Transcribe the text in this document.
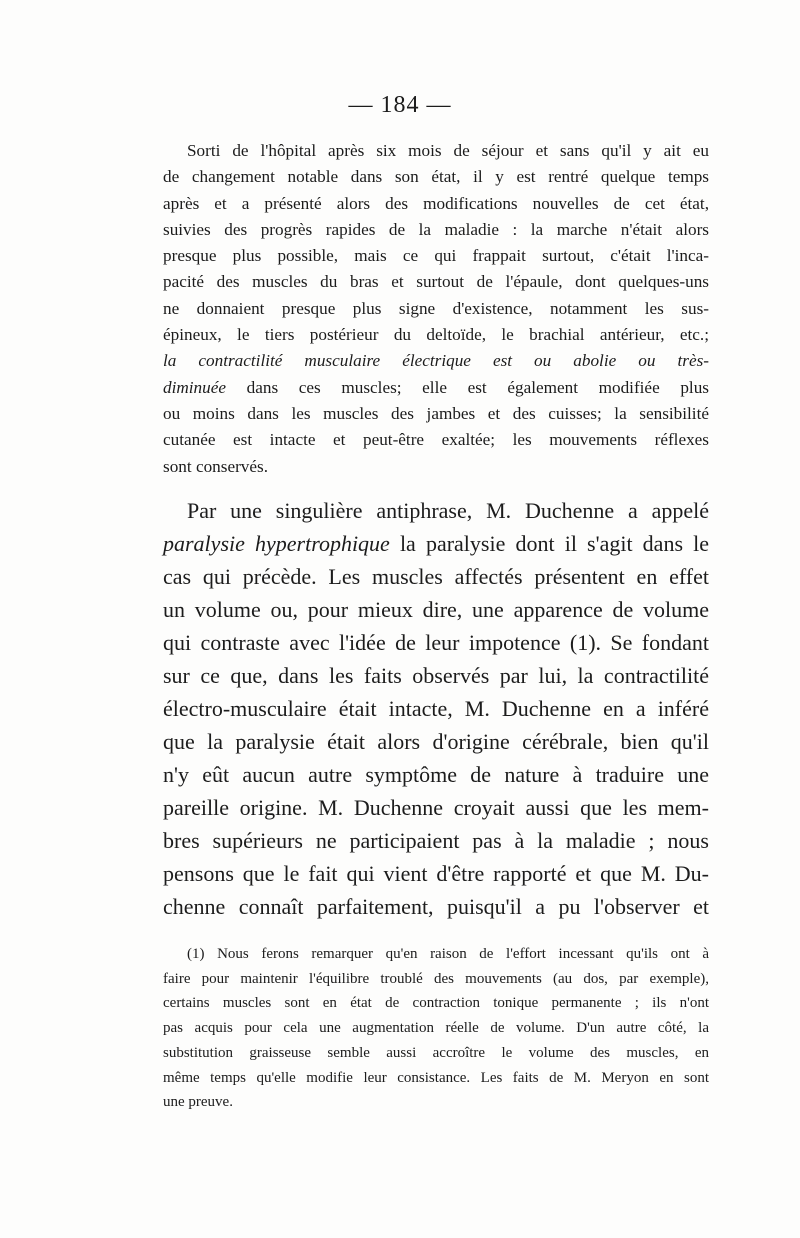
— 184 —
Sorti de l'hôpital après six mois de séjour et sans qu'il y ait eu
de changement notable dans son état, il y est rentré quelque temps
après et a présenté alors des modifications nouvelles de cet état,
suivies des progrès rapides de la maladie : la marche n'était alors
presque plus possible, mais ce qui frappait surtout, c'était l'inca-
pacité des muscles du bras et surtout de l'épaule, dont quelques-uns
ne donnaient presque plus signe d'existence, notamment les sus-
épineux, le tiers postérieur du deltoïde, le brachial antérieur, etc.;
la contractilité musculaire électrique est ou abolie ou très-
diminuée dans ces muscles; elle est également modifiée plus
ou moins dans les muscles des jambes et des cuisses; la sensibilité
cutanée est intacte et peut-être exaltée; les mouvements réflexes
sont conservés.
Par une singulière antiphrase, M. Duchenne a appelé
paralysie hypertrophique la paralysie dont il s'agit dans le
cas qui précède. Les muscles affectés présentent en effet
un volume ou, pour mieux dire, une apparence de volume
qui contraste avec l'idée de leur impotence (1). Se fondant
sur ce que, dans les faits observés par lui, la contractilité
électro-musculaire était intacte, M. Duchenne en a inféré
que la paralysie était alors d'origine cérébrale, bien qu'il
n'y eût aucun autre symptôme de nature à traduire une
pareille origine. M. Duchenne croyait aussi que les mem-
bres supérieurs ne participaient pas à la maladie ; nous
pensons que le fait qui vient d'être rapporté et que M. Du-
chenne connaît parfaitement, puisqu'il a pu l'observer et
(1) Nous ferons remarquer qu'en raison de l'effort incessant qu'ils ont à
faire pour maintenir l'équilibre troublé des mouvements (au dos, par exemple),
certains muscles sont en état de contraction tonique permanente ; ils n'ont
pas acquis pour cela une augmentation réelle de volume. D'un autre côté, la
substitution graisseuse semble aussi accroître le volume des muscles, en
même temps qu'elle modifie leur consistance. Les faits de M. Meryon en sont
une preuve.
